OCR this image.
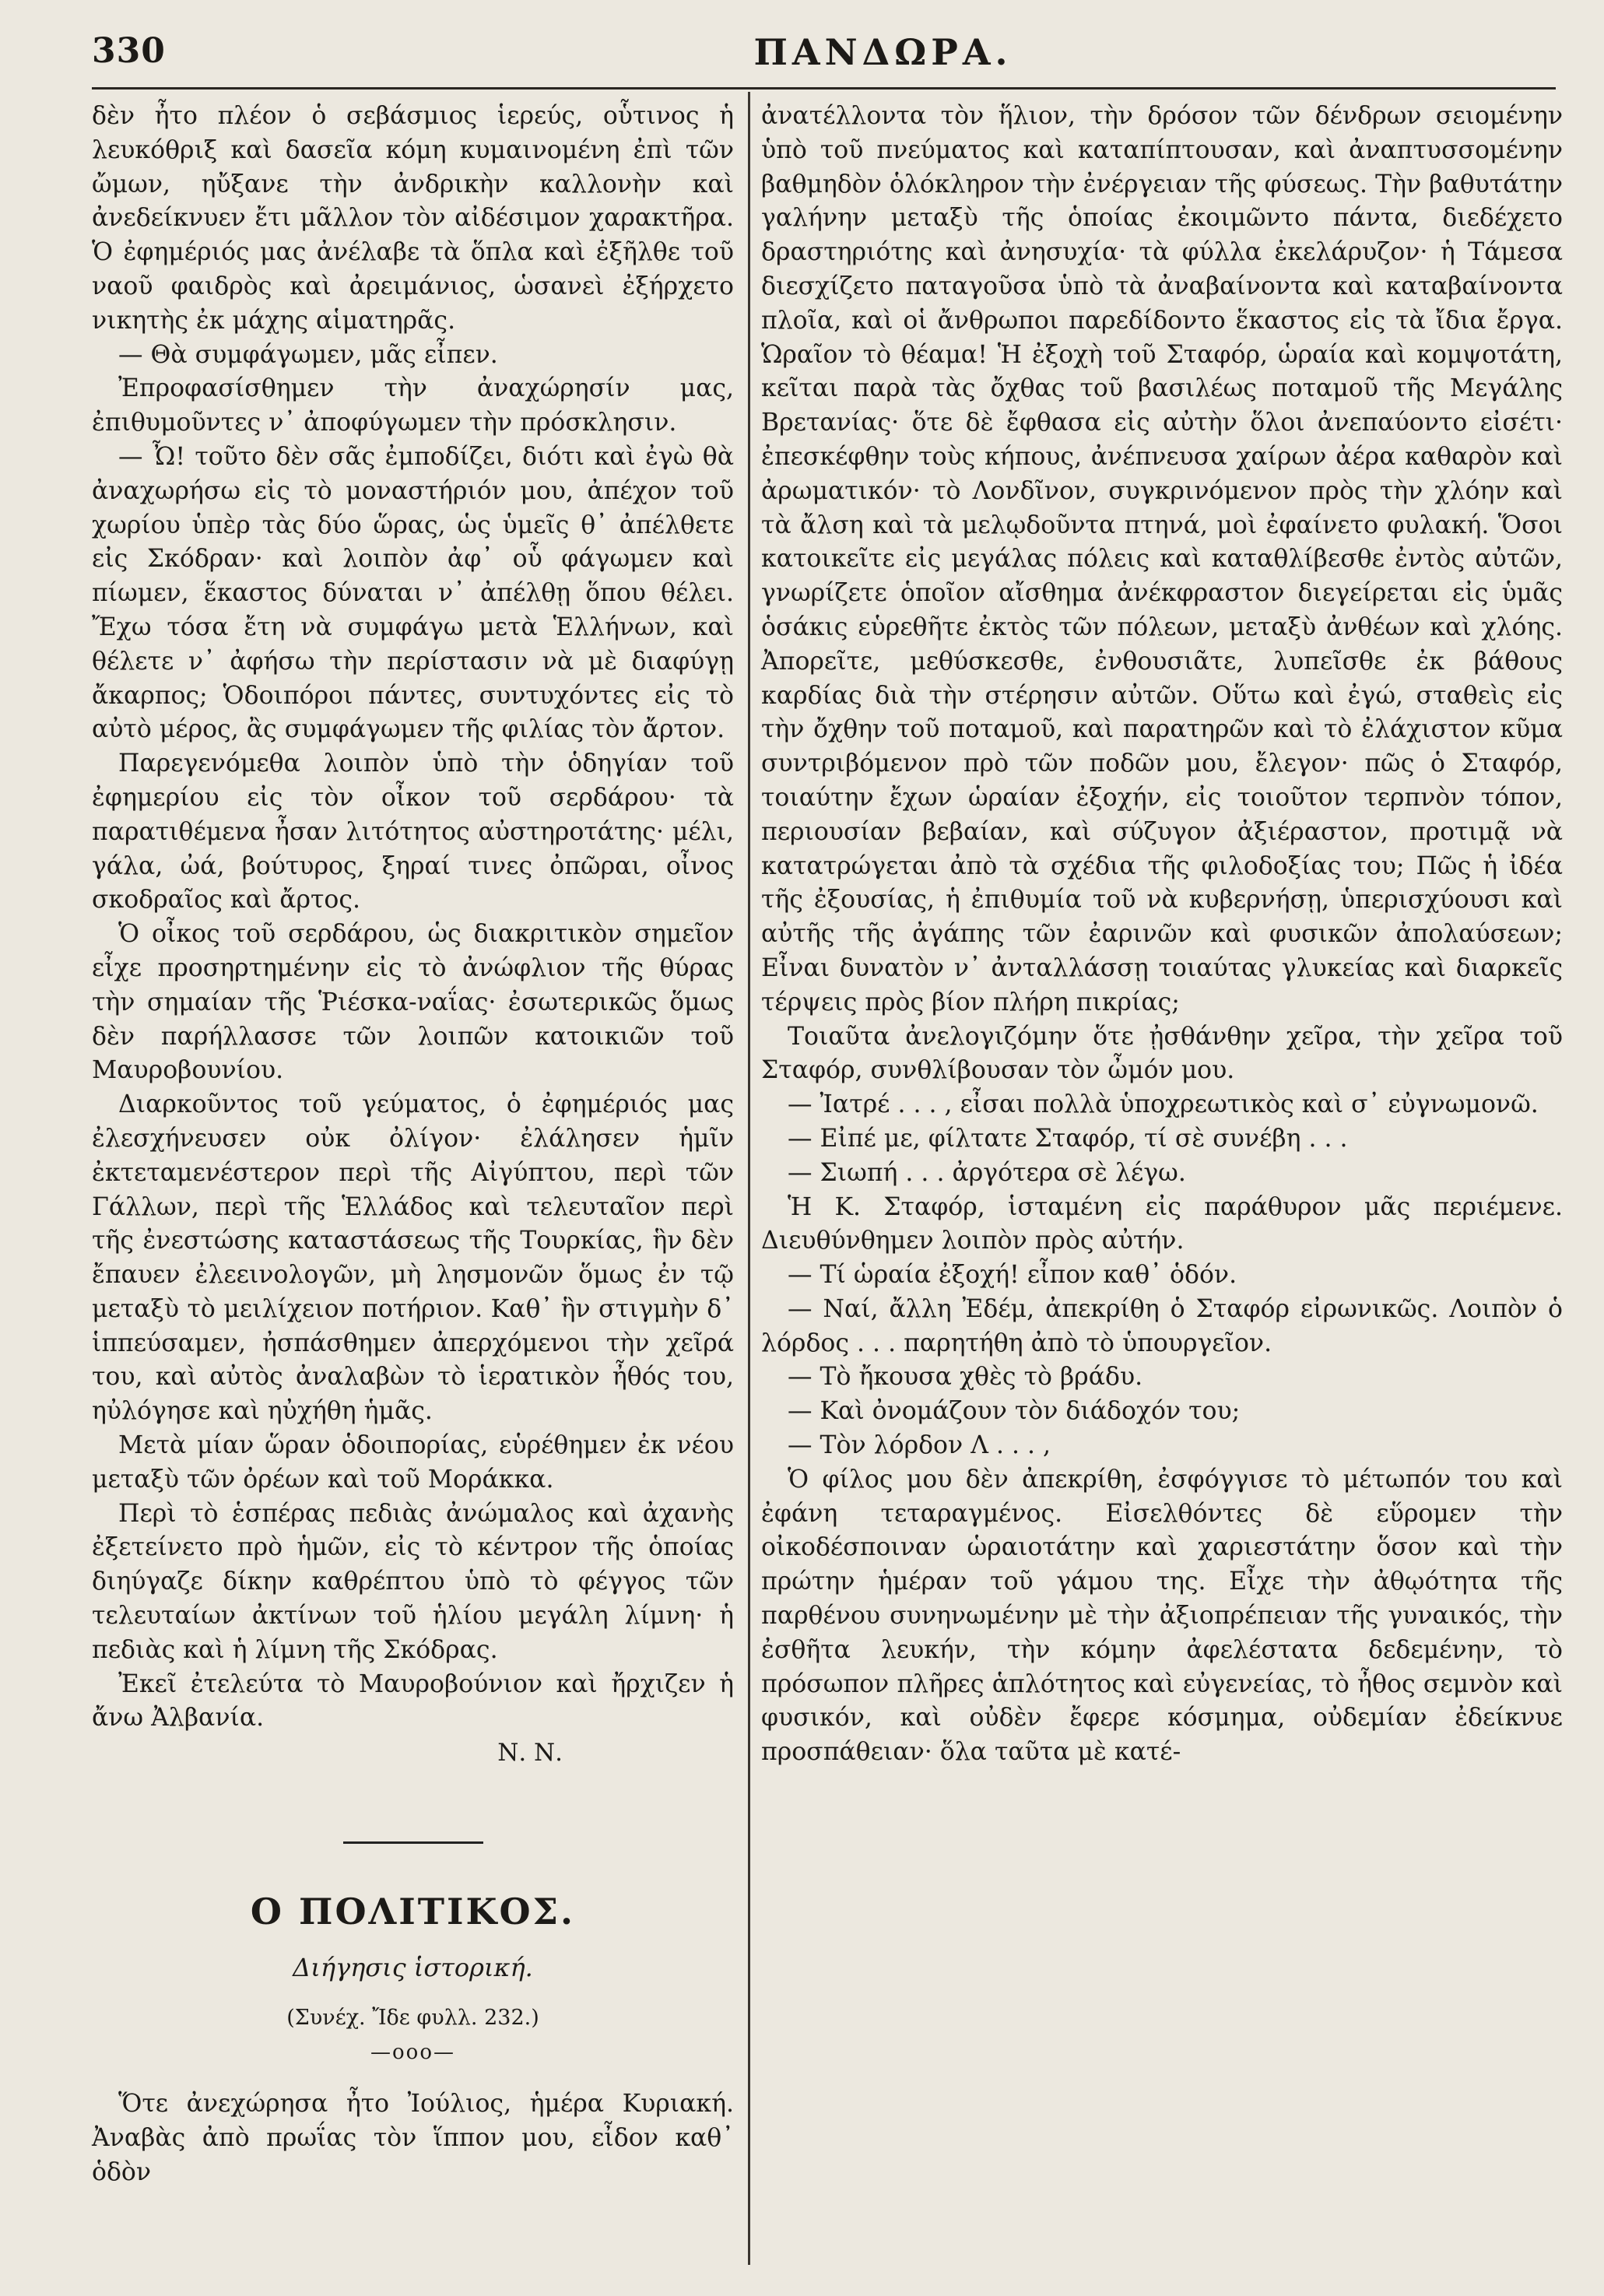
330	ΠΑΝΔΩΡΑ.

δὲν ἦτο πλέον ὁ σεβάσμιος ἱερεύς, οὗτινος ἡ λευκόθριξ καὶ δασεῖα κόμη κυμαινομένη ἐπὶ τῶν ὤμων, ηὔξανε τὴν ἀνδρικὴν καλλονὴν καὶ ἀνεδείκνυεν ἔτι μᾶλλον τὸν αἰδέσιμον χαρακτῆρα. Ὁ ἐφημέριός μας ἀνέλαβε τὰ ὅπλα καὶ ἐξῆλθε τοῦ ναοῦ φαιδρὸς καὶ ἀρειμάνιος, ὡσανεὶ ἐξήρχετο νικητὴς ἐκ μάχης αἱματηρᾶς.

— Θὰ συμφάγωμεν, μᾶς εἶπεν.

Ἐπροφασίσθημεν τὴν ἀναχώρησίν μας, ἐπιθυμοῦντες ν᾽ ἀποφύγωμεν τὴν πρόσκλησιν.

— Ὦ! τοῦτο δὲν σᾶς ἐμποδίζει, διότι καὶ ἐγὼ θὰ ἀναχωρήσω εἰς τὸ μοναστήριόν μου, ἀπέχον τοῦ χωρίου ὑπὲρ τὰς δύο ὥρας, ὡς ὑμεῖς θ᾽ ἀπέλθετε εἰς Σκόδραν· καὶ λοιπὸν ἀφ᾽ οὗ φάγωμεν καὶ πίωμεν, ἕκαστος δύναται ν᾽ ἀπέλθῃ ὅπου θέλει. Ἔχω τόσα ἔτη νὰ συμφάγω μετὰ Ἑλλήνων, καὶ θέλετε ν᾽ ἀφήσω τὴν περίστασιν νὰ μὲ διαφύγῃ ἄκαρπος; Ὁδοιπόροι πάντες, συντυχόντες εἰς τὸ αὐτὸ μέρος, ἂς συμφάγωμεν τῆς φιλίας τὸν ἄρτον.

Παρεγενόμεθα λοιπὸν ὑπὸ τὴν ὁδηγίαν τοῦ ἐφημερίου εἰς τὸν οἶκον τοῦ σερδάρου· τὰ παρατιθέμενα ἦσαν λιτότητος αὐστηροτάτης· μέλι, γάλα, ὠά, βούτυρος, ξηραί τινες ὀπῶραι, οἶνος σκοδραῖος καὶ ἄρτος.

Ὁ οἶκος τοῦ σερδάρου, ὡς διακριτικὸν σημεῖον εἶχε προσηρτημένην εἰς τὸ ἀνώφλιον τῆς θύρας τὴν σημαίαν τῆς Ῥιέσκα-ναΐας· ἐσωτερικῶς ὅμως δὲν παρήλλασσε τῶν λοιπῶν κατοικιῶν τοῦ Μαυροβουνίου.

Διαρκοῦντος τοῦ γεύματος, ὁ ἐφημέριός μας ἐλεσχήνευσεν οὐκ ὀλίγον· ἐλάλησεν ἡμῖν ἐκτεταμενέστερον περὶ τῆς Αἰγύπτου, περὶ τῶν Γάλλων, περὶ τῆς Ἑλλάδος καὶ τελευταῖον περὶ τῆς ἐνεστώσης καταστάσεως τῆς Τουρκίας, ἣν δὲν ἔπαυεν ἐλεεινολογῶν, μὴ λησμονῶν ὅμως ἐν τῷ μεταξὺ τὸ μειλίχειον ποτήριον. Καθ᾽ ἣν στιγμὴν δ᾽ ἱππεύσαμεν, ἠσπάσθημεν ἀπερχόμενοι τὴν χεῖρά του, καὶ αὐτὸς ἀναλαβὼν τὸ ἱερατικὸν ἦθός του, ηὐλόγησε καὶ ηὐχήθη ἡμᾶς.

Μετὰ μίαν ὥραν ὁδοιπορίας, εὑρέθημεν ἐκ νέου μεταξὺ τῶν ὀρέων καὶ τοῦ Μοράκκα.

Περὶ τὸ ἑσπέρας πεδιὰς ἀνώμαλος καὶ ἀχανὴς ἐξετείνετο πρὸ ἡμῶν, εἰς τὸ κέντρον τῆς ὁποίας διηύγαζε δίκην καθρέπτου ὑπὸ τὸ φέγγος τῶν τελευταίων ἀκτίνων τοῦ ἡλίου μεγάλη λίμνη· ἡ πεδιὰς καὶ ἡ λίμνη τῆς Σκόδρας.

Ἐκεῖ ἐτελεύτα τὸ Μαυροβούνιον καὶ ἤρχιζεν ἡ ἄνω Ἀλβανία.

Ν. Ν.

Ο ΠΟΛΙΤΙΚΟΣ.

Διήγησις ἱστορική.

(Συνέχ. Ἴδε φυλλ. 232.)

—ooo—

Ὅτε ἀνεχώρησα ἦτο Ἰούλιος, ἡμέρα Κυριακή. Ἀναβὰς ἀπὸ πρωΐας τὸν ἵππον μου, εἶδον καθ᾽ ὁδὸν

ἀνατέλλοντα τὸν ἥλιον, τὴν δρόσον τῶν δένδρων σειομένην ὑπὸ τοῦ πνεύματος καὶ καταπίπτουσαν, καὶ ἀναπτυσσομένην βαθμηδὸν ὁλόκληρον τὴν ἐνέργειαν τῆς φύσεως. Τὴν βαθυτάτην γαλήνην μεταξὺ τῆς ὁποίας ἐκοιμῶντο πάντα, διεδέχετο δραστηριότης καὶ ἀνησυχία· τὰ φύλλα ἐκελάρυζον· ἡ Τάμεσα διεσχίζετο παταγοῦσα ὑπὸ τὰ ἀναβαίνοντα καὶ καταβαίνοντα πλοῖα, καὶ οἱ ἄνθρωποι παρεδίδοντο ἕκαστος εἰς τὰ ἴδια ἔργα. Ὡραῖον τὸ θέαμα! Ἡ ἐξοχὴ τοῦ Σταφόρ, ὡραία καὶ κομψοτάτη, κεῖται παρὰ τὰς ὄχθας τοῦ βασιλέως ποταμοῦ τῆς Μεγάλης Βρετανίας· ὅτε δὲ ἔφθασα εἰς αὐτὴν ὅλοι ἀνεπαύοντο εἰσέτι· ἐπεσκέφθην τοὺς κήπους, ἀνέπνευσα χαίρων ἀέρα καθαρὸν καὶ ἀρωματικόν· τὸ Λονδῖνον, συγκρινόμενον πρὸς τὴν χλόην καὶ τὰ ἄλση καὶ τὰ μελῳδοῦντα πτηνά, μοὶ ἐφαίνετο φυλακή. Ὅσοι κατοικεῖτε εἰς μεγάλας πόλεις καὶ καταθλίβεσθε ἐντὸς αὐτῶν, γνωρίζετε ὁποῖον αἴσθημα ἀνέκφραστον διεγείρεται εἰς ὑμᾶς ὁσάκις εὑρεθῆτε ἐκτὸς τῶν πόλεων, μεταξὺ ἀνθέων καὶ χλόης. Ἀπορεῖτε, μεθύσκεσθε, ἐνθουσιᾶτε, λυπεῖσθε ἐκ βάθους καρδίας διὰ τὴν στέρησιν αὐτῶν. Οὕτω καὶ ἐγώ, σταθεὶς εἰς τὴν ὄχθην τοῦ ποταμοῦ, καὶ παρατηρῶν καὶ τὸ ἐλάχιστον κῦμα συντριβόμενον πρὸ τῶν ποδῶν μου, ἔλεγον· πῶς ὁ Σταφόρ, τοιαύτην ἔχων ὡραίαν ἐξοχήν, εἰς τοιοῦτον τερπνὸν τόπον, περιουσίαν βεβαίαν, καὶ σύζυγον ἀξιέραστον, προτιμᾷ νὰ κατατρώγεται ἀπὸ τὰ σχέδια τῆς φιλοδοξίας του; Πῶς ἡ ἰδέα τῆς ἐξουσίας, ἡ ἐπιθυμία τοῦ νὰ κυβερνήσῃ, ὑπερισχύουσι καὶ αὐτῆς τῆς ἀγάπης τῶν ἐαρινῶν καὶ φυσικῶν ἀπολαύσεων; Εἶναι δυνατὸν ν᾽ ἀνταλλάσσῃ τοιαύτας γλυκείας καὶ διαρκεῖς τέρψεις πρὸς βίον πλήρη πικρίας;

Τοιαῦτα ἀνελογιζόμην ὅτε ᾐσθάνθην χεῖρα, τὴν χεῖρα τοῦ Σταφόρ, συνθλίβουσαν τὸν ὦμόν μου.

— Ἰατρέ . . . , εἶσαι πολλὰ ὑποχρεωτικὸς καὶ σ᾽ εὐγνωμονῶ.

— Εἰπέ με, φίλτατε Σταφόρ, τί σὲ συνέβη . . .

— Σιωπή . . . ἀργότερα σὲ λέγω.

Ἡ Κ. Σταφόρ, ἱσταμένη εἰς παράθυρον μᾶς περιέμενε. Διευθύνθημεν λοιπὸν πρὸς αὐτήν.

— Τί ὡραία ἐξοχή! εἶπον καθ᾽ ὁδόν.

— Ναί, ἄλλη Ἐδέμ, ἀπεκρίθη ὁ Σταφόρ εἰρωνικῶς. Λοιπὸν ὁ λόρδος . . . παρητήθη ἀπὸ τὸ ὑπουργεῖον.

— Τὸ ἤκουσα χθὲς τὸ βράδυ.

— Καὶ ὀνομάζουν τὸν διάδοχόν του;

— Τὸν λόρδον Λ . . . ,

Ὁ φίλος μου δὲν ἀπεκρίθη, ἐσφόγγισε τὸ μέτωπόν του καὶ ἐφάνη τεταραγμένος. Εἰσελθόντες δὲ εὕρομεν τὴν οἰκοδέσποιναν ὡραιοτάτην καὶ χαριεστάτην ὅσον καὶ τὴν πρώτην ἡμέραν τοῦ γάμου της. Εἶχε τὴν ἀθῳότητα τῆς παρθένου συνηνωμένην μὲ τὴν ἀξιοπρέπειαν τῆς γυναικός, τὴν ἐσθῆτα λευκήν, τὴν κόμην ἀφελέστατα δεδεμένην, τὸ πρόσωπον πλῆρες ἁπλότητος καὶ εὐγενείας, τὸ ἦθος σεμνὸν καὶ φυσικόν, καὶ οὐδὲν ἔφερε κόσμημα, οὐδεμίαν ἐδείκνυε προσπάθειαν· ὅλα ταῦτα μὲ κατέ-
